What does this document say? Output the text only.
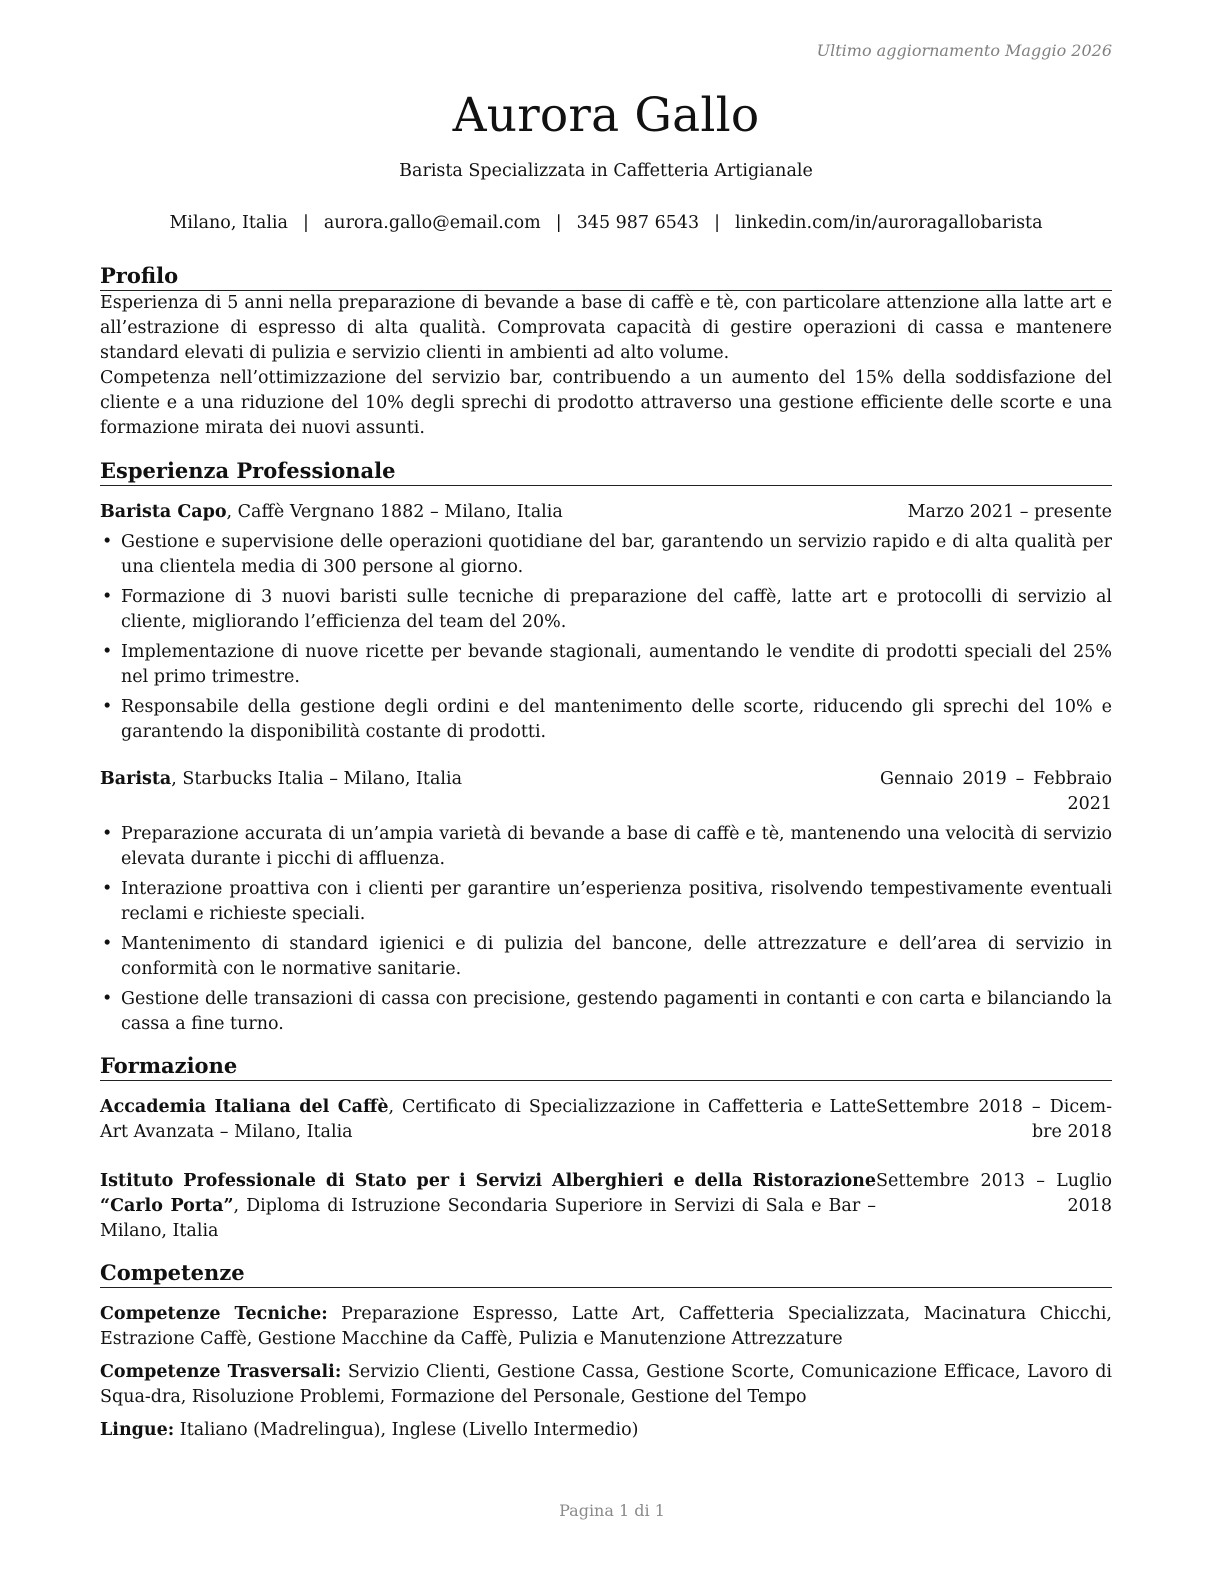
Ultimo aggiornamento Maggio 2026
Aurora Gallo
Barista Specializzata in Caffetteria Artigianale
Milano, Italia | aurora.gallo@email.com | 345 987 6543 | linkedin.com/in/auroragallobarista
Profilo

Esperienza di 5 anni nella preparazione di bevande a base di caffè e tè, con particolare attenzione alla latte art e all’estrazione di espresso di alta qualità. Comprovata capacità di gestire operazioni di cassa e mantenere standard elevati di pulizia e servizio clienti in ambienti ad alto volume.

Competenza nell’ottimizzazione del servizio bar, contribuendo a un aumento del 15% della soddisfazione del cliente e a una riduzione del 10% degli sprechi di prodotto attraverso una gestione efficiente delle scorte e una formazione mirata dei nuovi assunti.

Esperienza Professionale
Barista Capo, Caffè Vergnano 1882 – Milano, Italia	Marzo 2021 – presente
• Gestione e supervisione delle operazioni quotidiane del bar, garantendo un servizio rapido e di alta qualità per una clientela media di 300 persone al giorno.
• Formazione di 3 nuovi baristi sulle tecniche di preparazione del caffè, latte art e protocolli di servizio al cliente, migliorando l’efficienza del team del 20%.
• Implementazione di nuove ricette per bevande stagionali, aumentando le vendite di prodotti speciali del 25% nel primo trimestre.
• Responsabile della gestione degli ordini e del mantenimento delle scorte, riducendo gli sprechi del 10% e garantendo la disponibilità costante di prodotti.
Barista, Starbucks Italia – Milano, Italia	Gennaio 2019 – Febbraio 2021
• Preparazione accurata di un’ampia varietà di bevande a base di caffè e tè, mantenendo una velocità di servizio elevata durante i picchi di affluenza.
• Interazione proattiva con i clienti per garantire un’esperienza positiva, risolvendo tempestivamente eventuali reclami e richieste speciali.
• Mantenimento di standard igienici e di pulizia del bancone, delle attrezzature e dell’area di servizio in conformità con le normative sanitarie.
• Gestione delle transazioni di cassa con precisione, gestendo pagamenti in contanti e con carta e bilanciando la cassa a fine turno.
Formazione
Accademia Italiana del Caffè, Certificato di Specializzazione in Caffetteria e Latte Art Avanzata – Milano, Italia
Settembre 2018 – Dicem-bre 2018
Istituto Professionale di Stato per i Servizi Alberghieri e della Ristorazione “Carlo Porta”, Diploma di Istruzione Secondaria Superiore in Servizi di Sala e Bar – Milano, Italia
Settembre 2013 – Luglio 2018
Competenze
Competenze Tecniche: Preparazione Espresso, Latte Art, Caffetteria Specializzata, Macinatura Chicchi, Estrazione Caffè, Gestione Macchine da Caffè, Pulizia e Manutenzione Attrezzature
Competenze Trasversali: Servizio Clienti, Gestione Cassa, Gestione Scorte, Comunicazione Efficace, Lavoro di Squa-dra, Risoluzione Problemi, Formazione del Personale, Gestione del Tempo
Lingue: Italiano (Madrelingua), Inglese (Livello Intermedio)
Pagina 1 di 1
